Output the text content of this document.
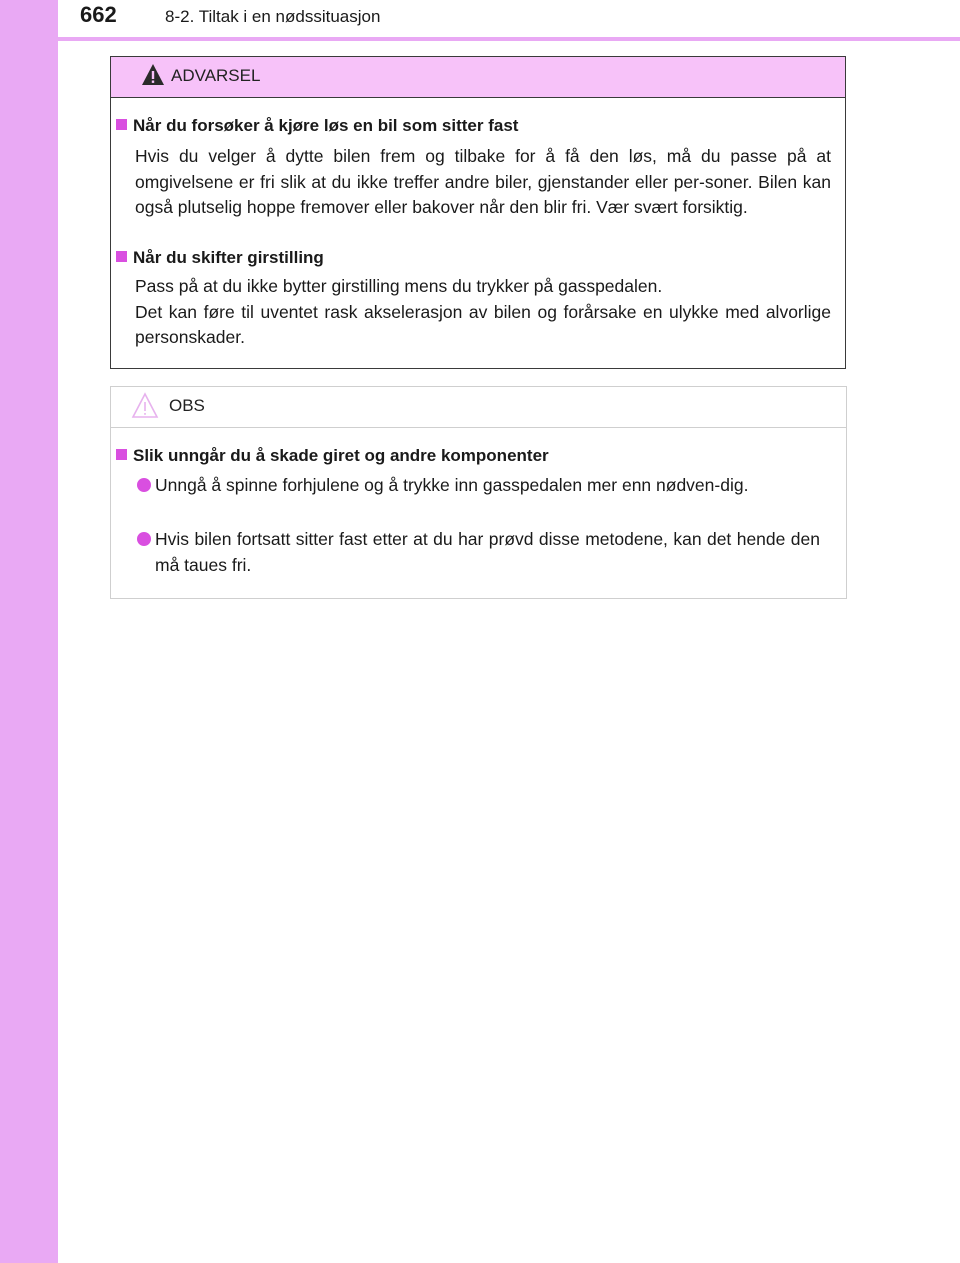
662	8-2. Tiltak i en nødssituasjon
ADVARSEL
Når du forsøker å kjøre løs en bil som sitter fast
Hvis du velger å dytte bilen frem og tilbake for å få den løs, må du passe på at omgivelsene er fri slik at du ikke treffer andre biler, gjenstander eller per-soner. Bilen kan også plutselig hoppe fremover eller bakover når den blir fri. Vær svært forsiktig.
Når du skifter girstilling
Pass på at du ikke bytter girstilling mens du trykker på gasspedalen.
Det kan føre til uventet rask akselerasjon av bilen og forårsake en ulykke med alvorlige personskader.
OBS
Slik unngår du å skade giret og andre komponenter
Unngå å spinne forhjulene og å trykke inn gasspedalen mer enn nødven-dig.
Hvis bilen fortsatt sitter fast etter at du har prøvd disse metodene, kan det hende den må taues fri.
